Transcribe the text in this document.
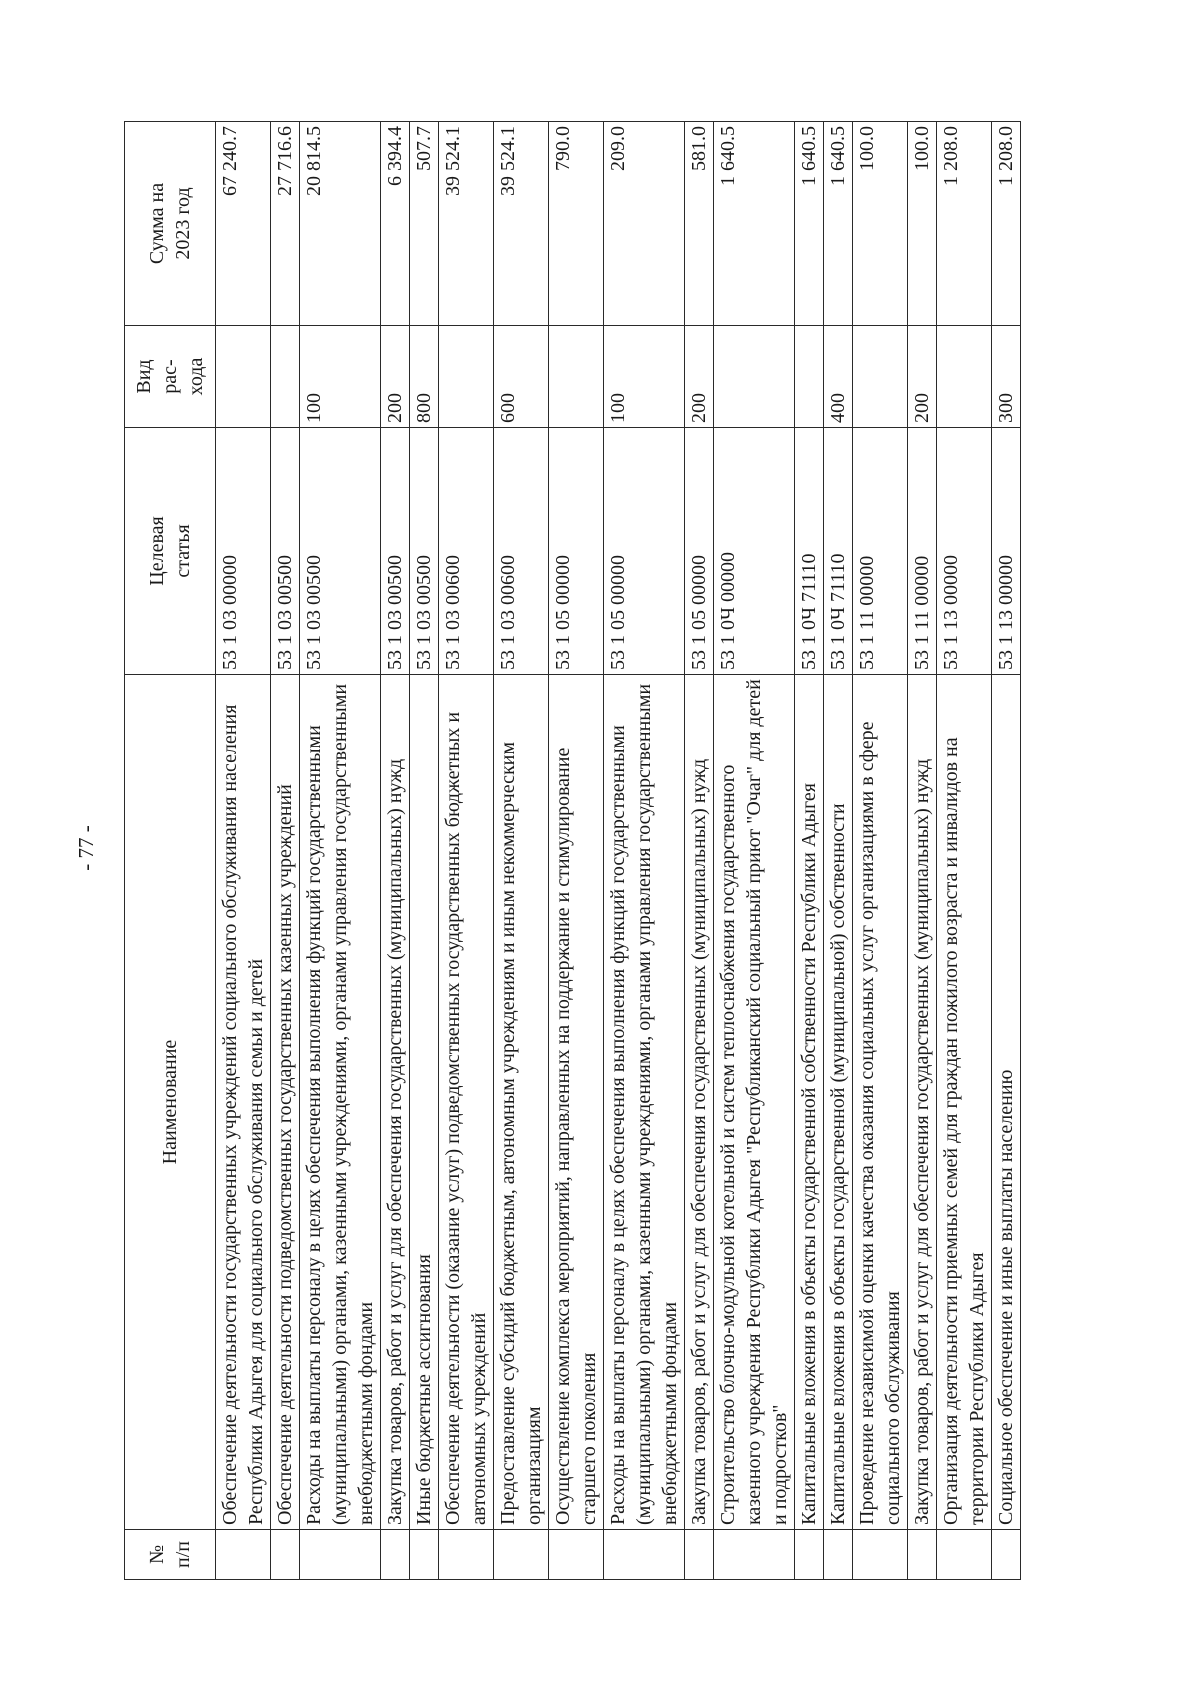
- 77 -
№ п/п	Наименование	Целевая статья	Вид рас- хода	Сумма на 2023 год

	Обеспечение деятельности государственных учреждений социального обслуживания населения Республики Адыгея для социального обслуживания семьи и детей	53 1 03 00000		67 240.7
	Обеспечение деятельности подведомственных государственных казенных учреждений	53 1 03 00500		27 716.6
	Расходы на выплаты персоналу в целях обеспечения выполнения функций государственными (муниципальными) органами, казенными учреждениями, органами управления государственными внебюджетными фондами	53 1 03 00500	100	20 814.5
	Закупка товаров, работ и услуг для обеспечения государственных (муниципальных) нужд	53 1 03 00500	200	6 394.4
	Иные бюджетные ассигнования	53 1 03 00500	800	507.7
	Обеспечение деятельности (оказание услуг) подведомственных государственных бюджетных и автономных учреждений	53 1 03 00600		39 524.1
	Предоставление субсидий бюджетным, автономным учреждениям и иным некоммерческим организациям	53 1 03 00600	600	39 524.1
	Осуществление комплекса мероприятий, направленных на поддержание и стимулирование старшего поколения	53 1 05 00000		790.0
	Расходы на выплаты персоналу в целях обеспечения выполнения функций государственными (муниципальными) органами, казенными учреждениями, органами управления государственными внебюджетными фондами	53 1 05 00000	100	209.0
	Закупка товаров, работ и услуг для обеспечения государственных (муниципальных) нужд	53 1 05 00000	200	581.0
	Строительство блочно-модульной котельной и систем теплоснабжения государственного казенного учреждения Республики Адыгея "Республиканский социальный приют "Очаг" для детей и подростков"	53 1 0Ч 00000		1 640.5
	Капитальные вложения в объекты государственной собственности Республики Адыгея	53 1 0Ч 71110		1 640.5
	Капитальные вложения в объекты государственной (муниципальной) собственности	53 1 0Ч 71110	400	1 640.5
	Проведение независимой оценки качества оказания социальных услуг организациями в сфере социального обслуживания	53 1 11 00000		100.0
	Закупка товаров, работ и услуг для обеспечения государственных (муниципальных) нужд	53 1 11 00000	200	100.0
	Организация деятельности приемных семей для граждан пожилого возраста и инвалидов на территории Республики Адыгея	53 1 13 00000		1 208.0
	Социальное обеспечение и иные выплаты населению	53 1 13 00000	300	1 208.0
